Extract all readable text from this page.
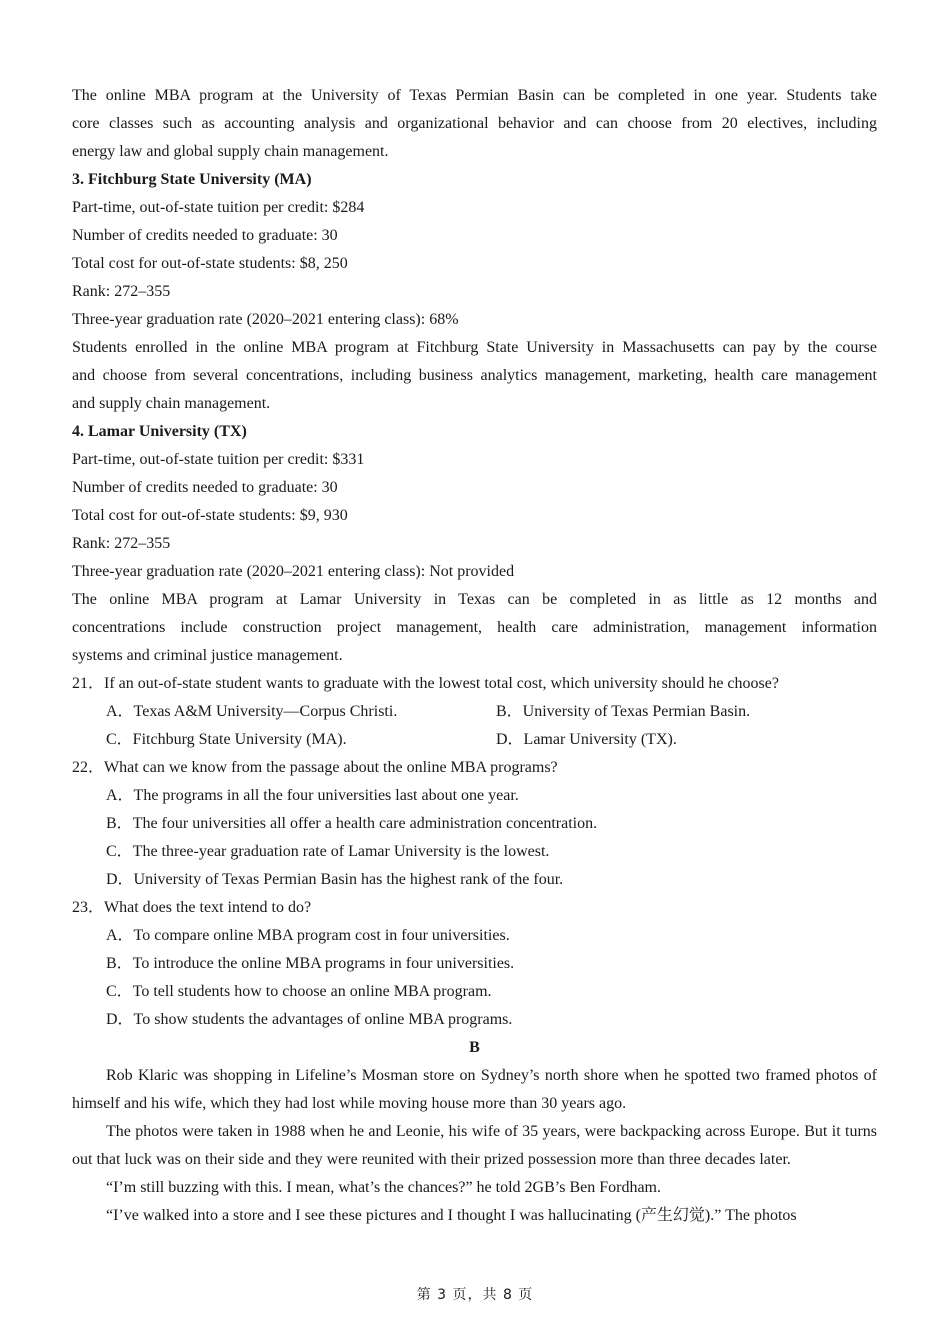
The online MBA program at the University of Texas Permian Basin can be completed in one year. Students take
core classes such as accounting analysis and organizational behavior and can choose from 20 electives, including
energy law and global supply chain management.
3. Fitchburg State University (MA)
Part-time, out-of-state tuition per credit: $284
Number of credits needed to graduate: 30
Total cost for out-of-state students: $8, 250
Rank: 272–355
Three-year graduation rate (2020–2021 entering class): 68%
Students enrolled in the online MBA program at Fitchburg State University in Massachusetts can pay by the course
and choose from several concentrations, including business analytics management, marketing, health care management
and supply chain management.
4. Lamar University (TX)
Part-time, out-of-state tuition per credit: $331
Number of credits needed to graduate: 30
Total cost for out-of-state students: $9, 930
Rank: 272–355
Three-year graduation rate (2020–2021 entering class): Not provided
The online MBA program at Lamar University in Texas can be completed in as little as 12 months and
concentrations include construction project management, health care administration, management information
systems and criminal justice management.
21．If an out-of-state student wants to graduate with the lowest total cost, which university should he choose?
A．Texas A&M University—Corpus Christi.	B．University of Texas Permian Basin.
C．Fitchburg State University (MA).	D．Lamar University (TX).
22．What can we know from the passage about the online MBA programs?
A．The programs in all the four universities last about one year.
B．The four universities all offer a health care administration concentration.
C．The three-year graduation rate of Lamar University is the lowest.
D．University of Texas Permian Basin has the highest rank of the four.
23．What does the text intend to do?
A．To compare online MBA program cost in four universities.
B．To introduce the online MBA programs in four universities.
C．To tell students how to choose an online MBA program.
D．To show students the advantages of online MBA programs.
B
Rob Klaric was shopping in Lifeline’s Mosman store on Sydney’s north shore when he spotted two framed photos of himself and his wife, which they had lost while moving house more than 30 years ago.
The photos were taken in 1988 when he and Leonie, his wife of 35 years, were backpacking across Europe. But it turns out that luck was on their side and they were reunited with their prized possession more than three decades later.
“I’m still buzzing with this. I mean, what’s the chances?” he told 2GB’s Ben Fordham.
“I’ve walked into a store and I see these pictures and I thought I was hallucinating (产生幻觉).” The photos
第 3 页，共 8 页
